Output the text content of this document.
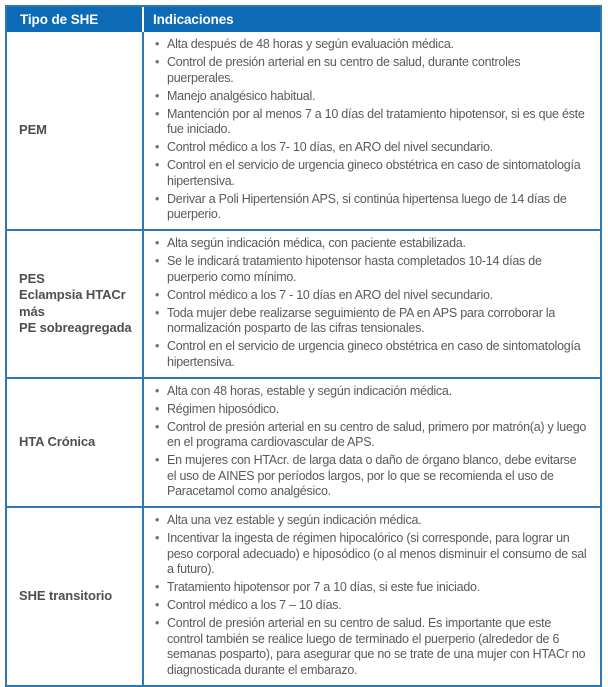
Tipo de SHE	Indicaciones
PEM
• Alta después de 48 horas y según evaluación médica.
• Control de presión arterial en su centro de salud, durante controles puerperales.
• Manejo analgésico habitual.
• Mantención por al menos 7 a 10 días del tratamiento hipotensor, si es que éste fue iniciado.
• Control médico a los 7- 10 días, en ARO del nivel secundario.
• Control en el servicio de urgencia gineco obstétrica en caso de sintomatología hipertensiva.
• Derivar a Poli Hipertensión APS, si continúa hipertensa luego de 14 días de puerperio.
PES
Eclampsia HTACr más
PE sobreagregada
• Alta según indicación médica, con paciente estabilizada.
• Se le indicará tratamiento hipotensor hasta completados 10-14 días de puerperio como mínimo.
• Control médico a los 7 - 10 días en ARO del nivel secundario.
• Toda mujer debe realizarse seguimiento de PA en APS para corroborar la normalización posparto de las cifras tensionales.
• Control en el servicio de urgencia gineco obstétrica en caso de sintomatología hipertensiva.
HTA Crónica
• Alta con 48 horas, estable y según indicación médica.
• Régimen hiposódico.
• Control de presión arterial en su centro de salud, primero por matrón(a) y luego en el programa cardiovascular de APS.
• En mujeres con HTAcr. de larga data o daño de órgano blanco, debe evitarse el uso de AINES por períodos largos, por lo que se recomienda el uso de Paracetamol como analgésico.
SHE transitorio
• Alta una vez estable y según indicación médica.
• Incentivar la ingesta de régimen hipocalórico (si corresponde, para lograr un peso corporal adecuado) e hiposódico (o al menos disminuir el consumo de sal a futuro).
• Tratamiento hipotensor por 7 a 10 días, si este fue iniciado.
• Control médico a los 7 – 10 días.
• Control de presión arterial en su centro de salud. Es importante que este control también se realice luego de terminado el puerperio (alrededor de 6 semanas posparto), para asegurar que no se trate de una mujer con HTACr no diagnosticada durante el embarazo.
